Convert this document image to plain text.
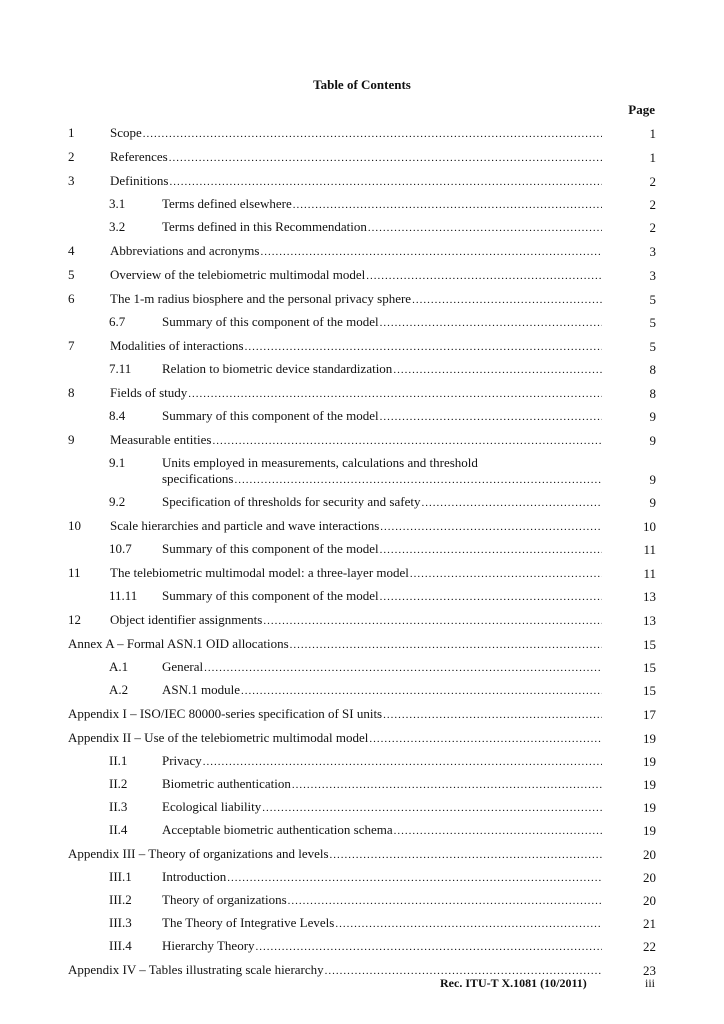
Table of Contents
Page
1	Scope .....	1
2	References .....	1
3	Definitions .....	2
3.1	Terms defined elsewhere .....	2
3.2	Terms defined in this Recommendation .....	2
4	Abbreviations and acronyms .....	3
5	Overview of the telebiometric multimodal model .....	3
6	The 1-m radius biosphere and the personal privacy sphere .....	5
6.7	Summary of this component of the model .....	5
7	Modalities of interactions .....	5
7.11 Relation to biometric device standardization .....	8
8	Fields of study .....	8
8.4	Summary of this component of the model .....	9
9	Measurable entities .....	9
9.1	Units employed in measurements, calculations and threshold
specifications .....	9
9.2	Specification of thresholds for security and safety .....	9
10 Scale hierarchies and particle and wave interactions .....	10
10.7 Summary of this component of the model .....	11
11 The telebiometric multimodal model: a three-layer model .....	11
11.11 Summary of this component of the model .....	13
12 Object identifier assignments .....	13
Annex A – Formal ASN.1 OID allocations .....	15
A.1	General .....	15
A.2	ASN.1 module .....	15
Appendix I – ISO/IEC 80000-series specification of SI units .....	17
Appendix II – Use of the telebiometric multimodal model .....	19
II.1	Privacy .....	19
II.2	Biometric authentication .....	19
II.3	Ecological liability .....	19
II.4	Acceptable biometric authentication schema .....	19
Appendix III – Theory of organizations and levels .....	20
III.1 Introduction .....	20
III.2 Theory of organizations .....	20
III.3 The Theory of Integrative Levels .....	21
III.4 Hierarchy Theory .....	22
Appendix IV – Tables illustrating scale hierarchy .....	23
Rec. ITU-T X.1081 (10/2011)	iii
